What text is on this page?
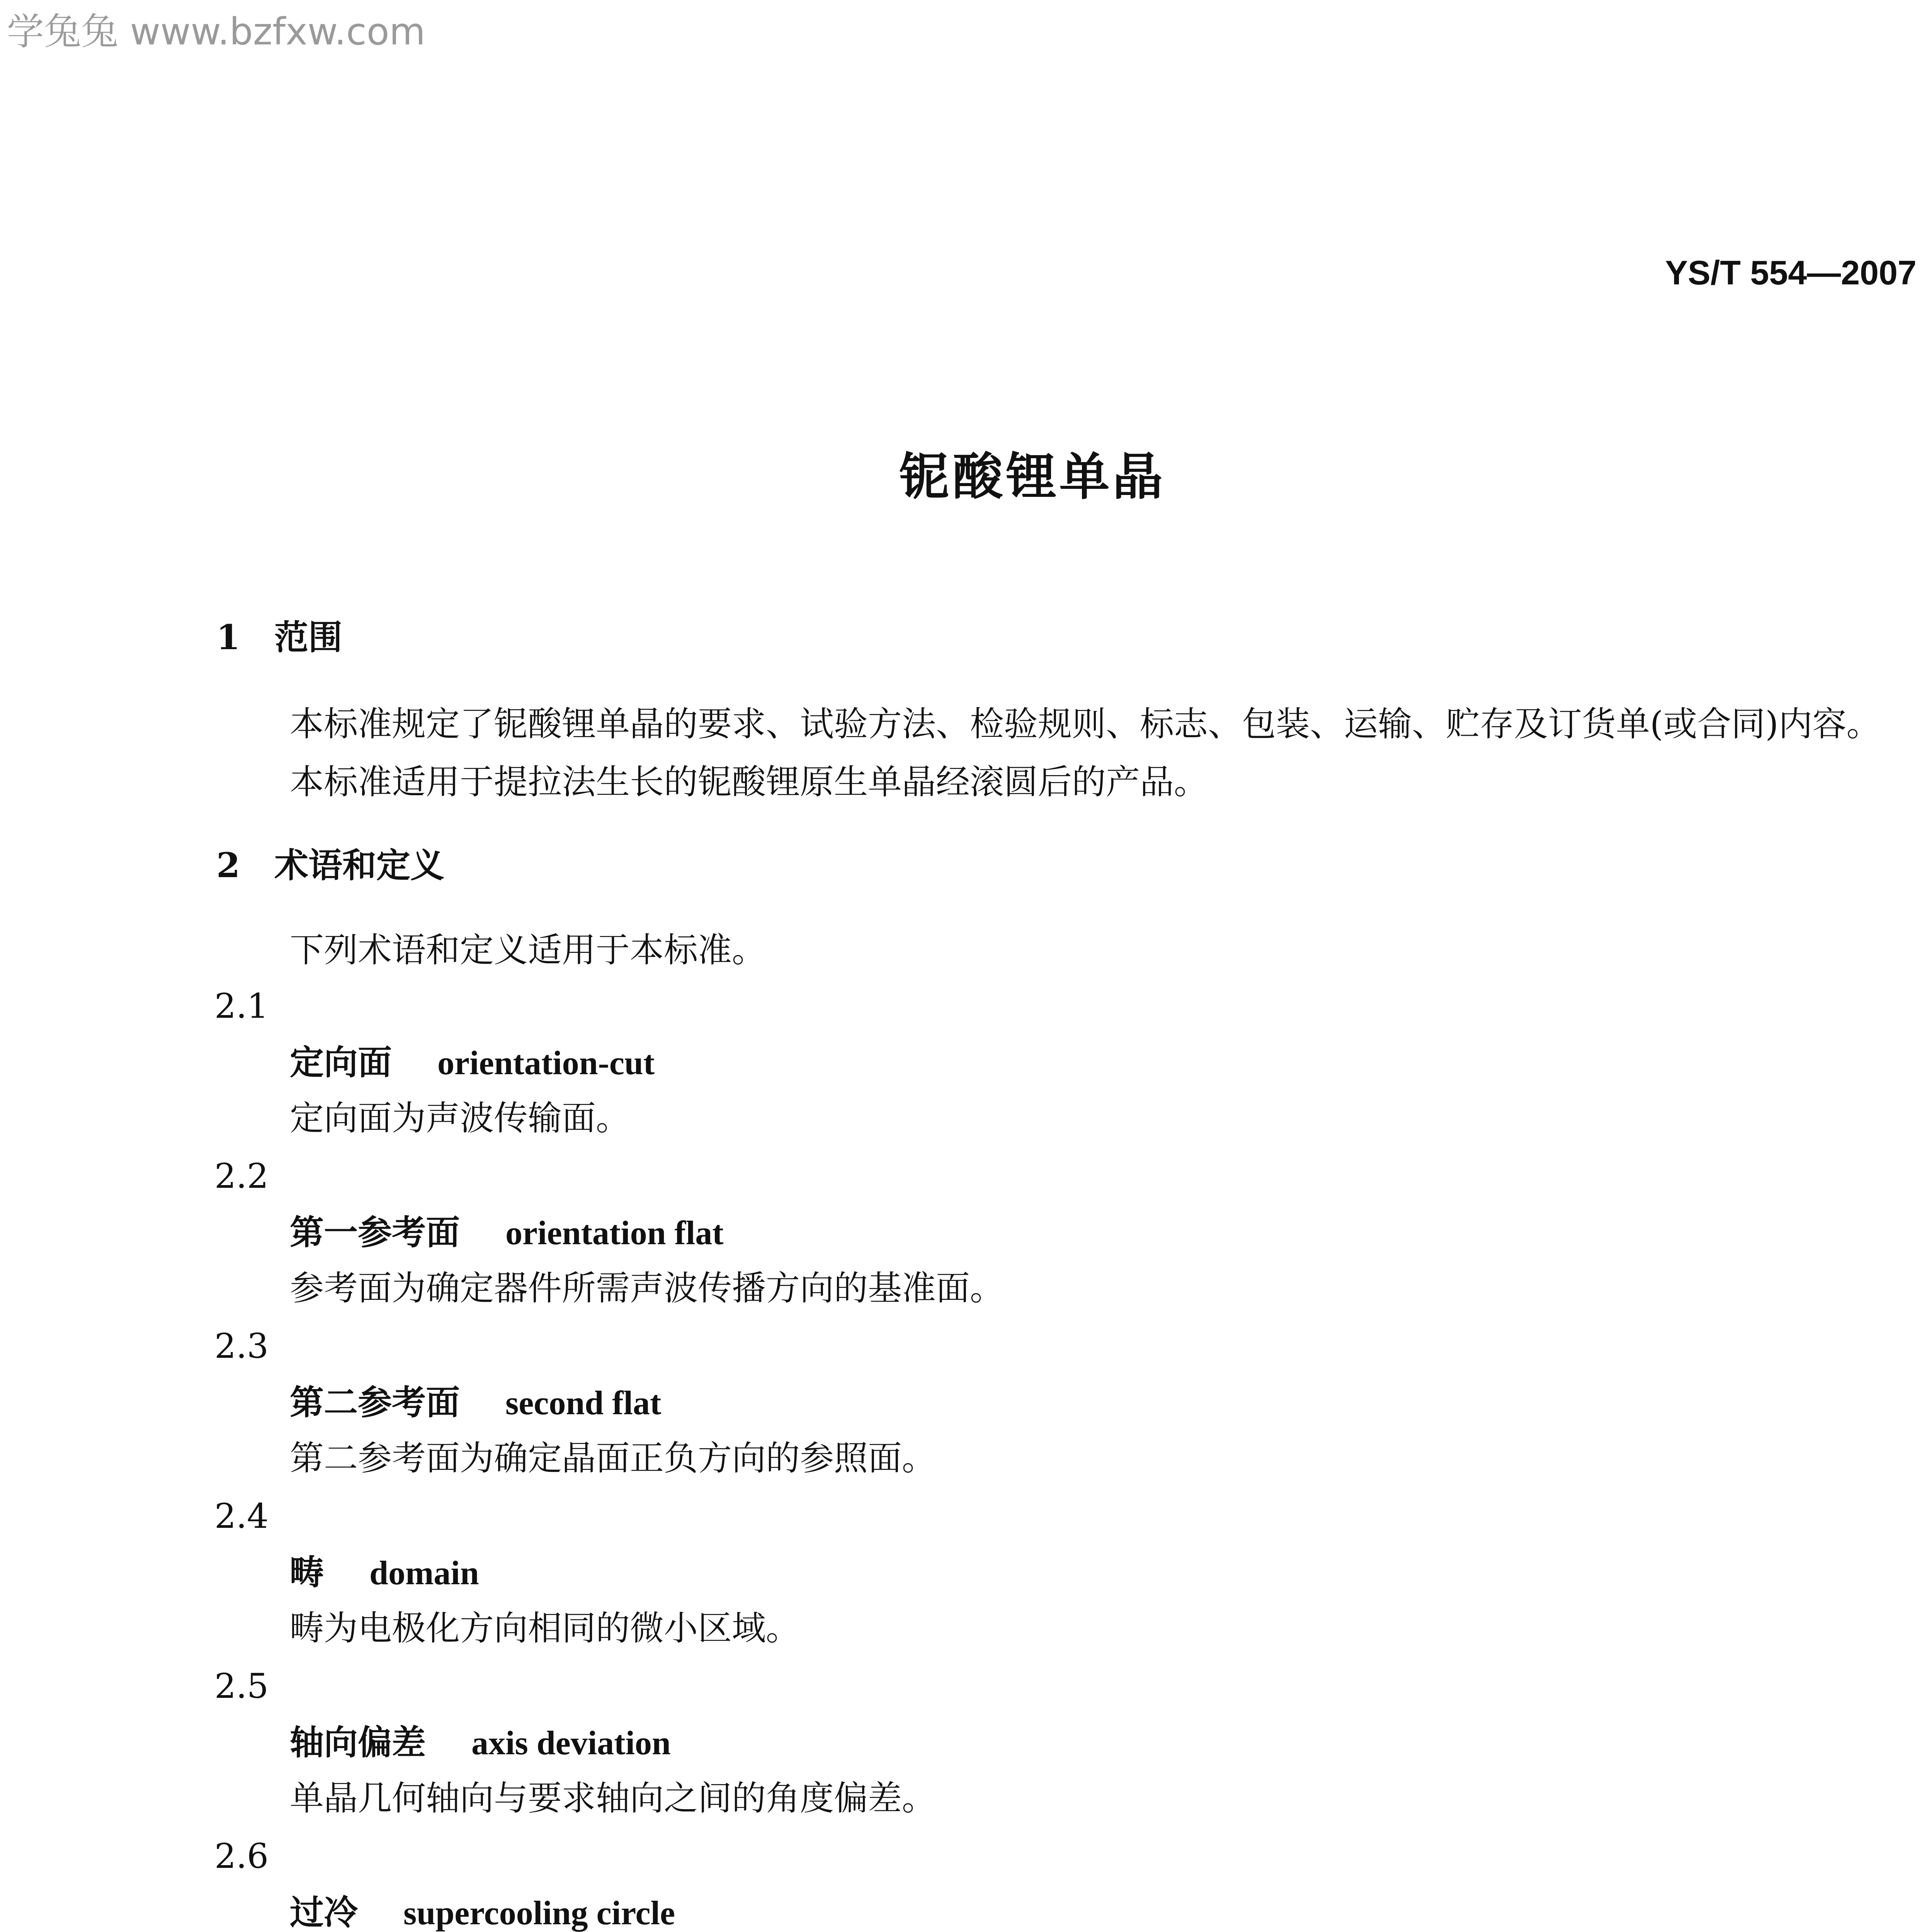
学兔兔 www.bzfxw.com
YS/T 554—2007
铌酸锂单晶
1 范围
本标准规定了铌酸锂单晶的要求、试验方法、检验规则、标志、包装、运输、贮存及订货单(或合同)内容。
本标准适用于提拉法生长的铌酸锂原生单晶经滚圆后的产品。
2 术语和定义
下列术语和定义适用于本标准。
2.1
定向面 orientation-cut
定向面为声波传输面。
2.2
第一参考面 orientation flat
参考面为确定器件所需声波传播方向的基准面。
2.3
第二参考面 second flat
第二参考面为确定晶面正负方向的参照面。
2.4
畴 domain
畴为电极化方向相同的微小区域。
2.5
轴向偏差 axis deviation
单晶几何轴向与要求轴向之间的角度偏差。
2.6
过冷 supercooling circle
